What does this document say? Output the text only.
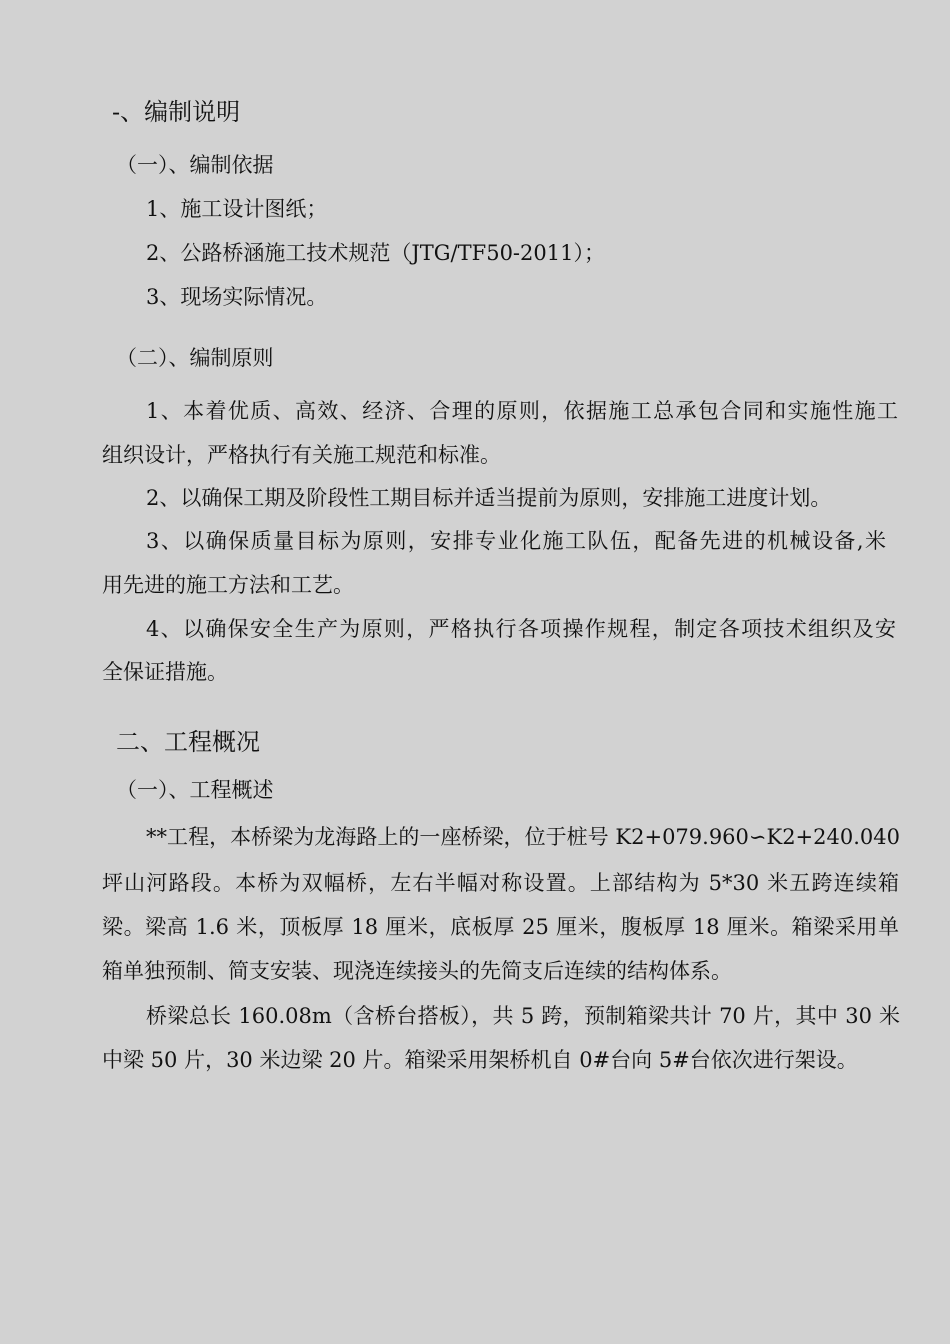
-、编制说明
（一）、编制依据
1、施工设计图纸；
2、公路桥涵施工技术规范（JTG/TF50-2011）；
3、现场实际情况。
（二）、编制原则
1、本着优质、高效、经济、合理的原则，依据施工总承包合同和实施性施工
组织设计，严格执行有关施工规范和标准。
2、以确保工期及阶段性工期目标并适当提前为原则，安排施工进度计划。
3、以确保质量目标为原则，安排专业化施工队伍，配备先进的机械设备,米
用先进的施工方法和工艺。
4、以确保安全生产为原则，严格执行各项操作规程，制定各项技术组织及安
全保证措施。
二、工程概况
（一）、工程概述
**工程，本桥梁为龙海路上的一座桥梁，位于桩号 K2+079.960∽K2+240.040
坪山河路段。本桥为双幅桥，左右半幅对称设置。上部结构为 5*30 米五跨连续箱
梁。梁高 1.6 米，顶板厚 18 厘米，底板厚 25 厘米，腹板厚 18 厘米。箱梁采用单
箱单独预制、简支安装、现浇连续接头的先简支后连续的结构体系。
桥梁总长 160.08m（含桥台搭板），共 5 跨，预制箱梁共计 70 片，其中 30 米
中梁 50 片，30 米边梁 20 片。箱梁采用架桥机自 0#台向 5#台依次进行架设。
